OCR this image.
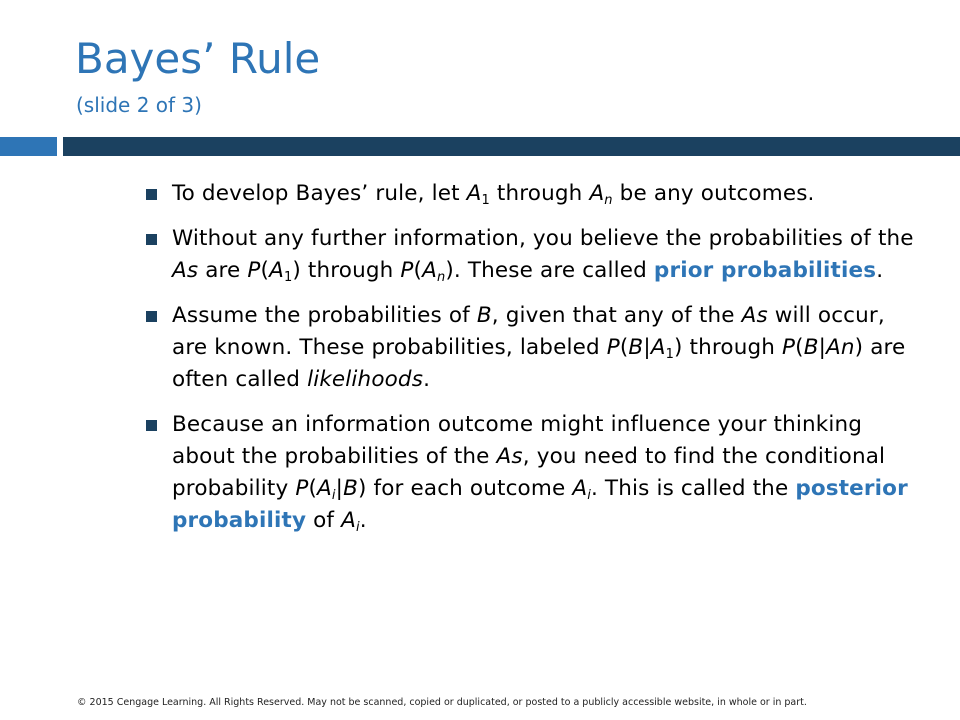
Bayes’ Rule
(slide 2 of 3)
To develop Bayes’ rule, let $A_1$ through $A_n$ be any outcomes.
Without any further information, you believe the probabilities of the As are $P(A_1)$ through $P(A_n)$. These are called prior probabilities.
Assume the probabilities of B, given that any of the As will occur, are known. These probabilities, labeled $P(B|A_1)$ through P(B|An) are often called likelihoods.
Because an information outcome might influence your thinking about the probabilities of the As, you need to find the conditional probability $P(A_i|B)$ for each outcome $A_i$. This is called the posterior probability of $A_i$.
© 2015 Cengage Learning. All Rights Reserved. May not be scanned, copied or duplicated, or posted to a publicly accessible website, in whole or in part.
